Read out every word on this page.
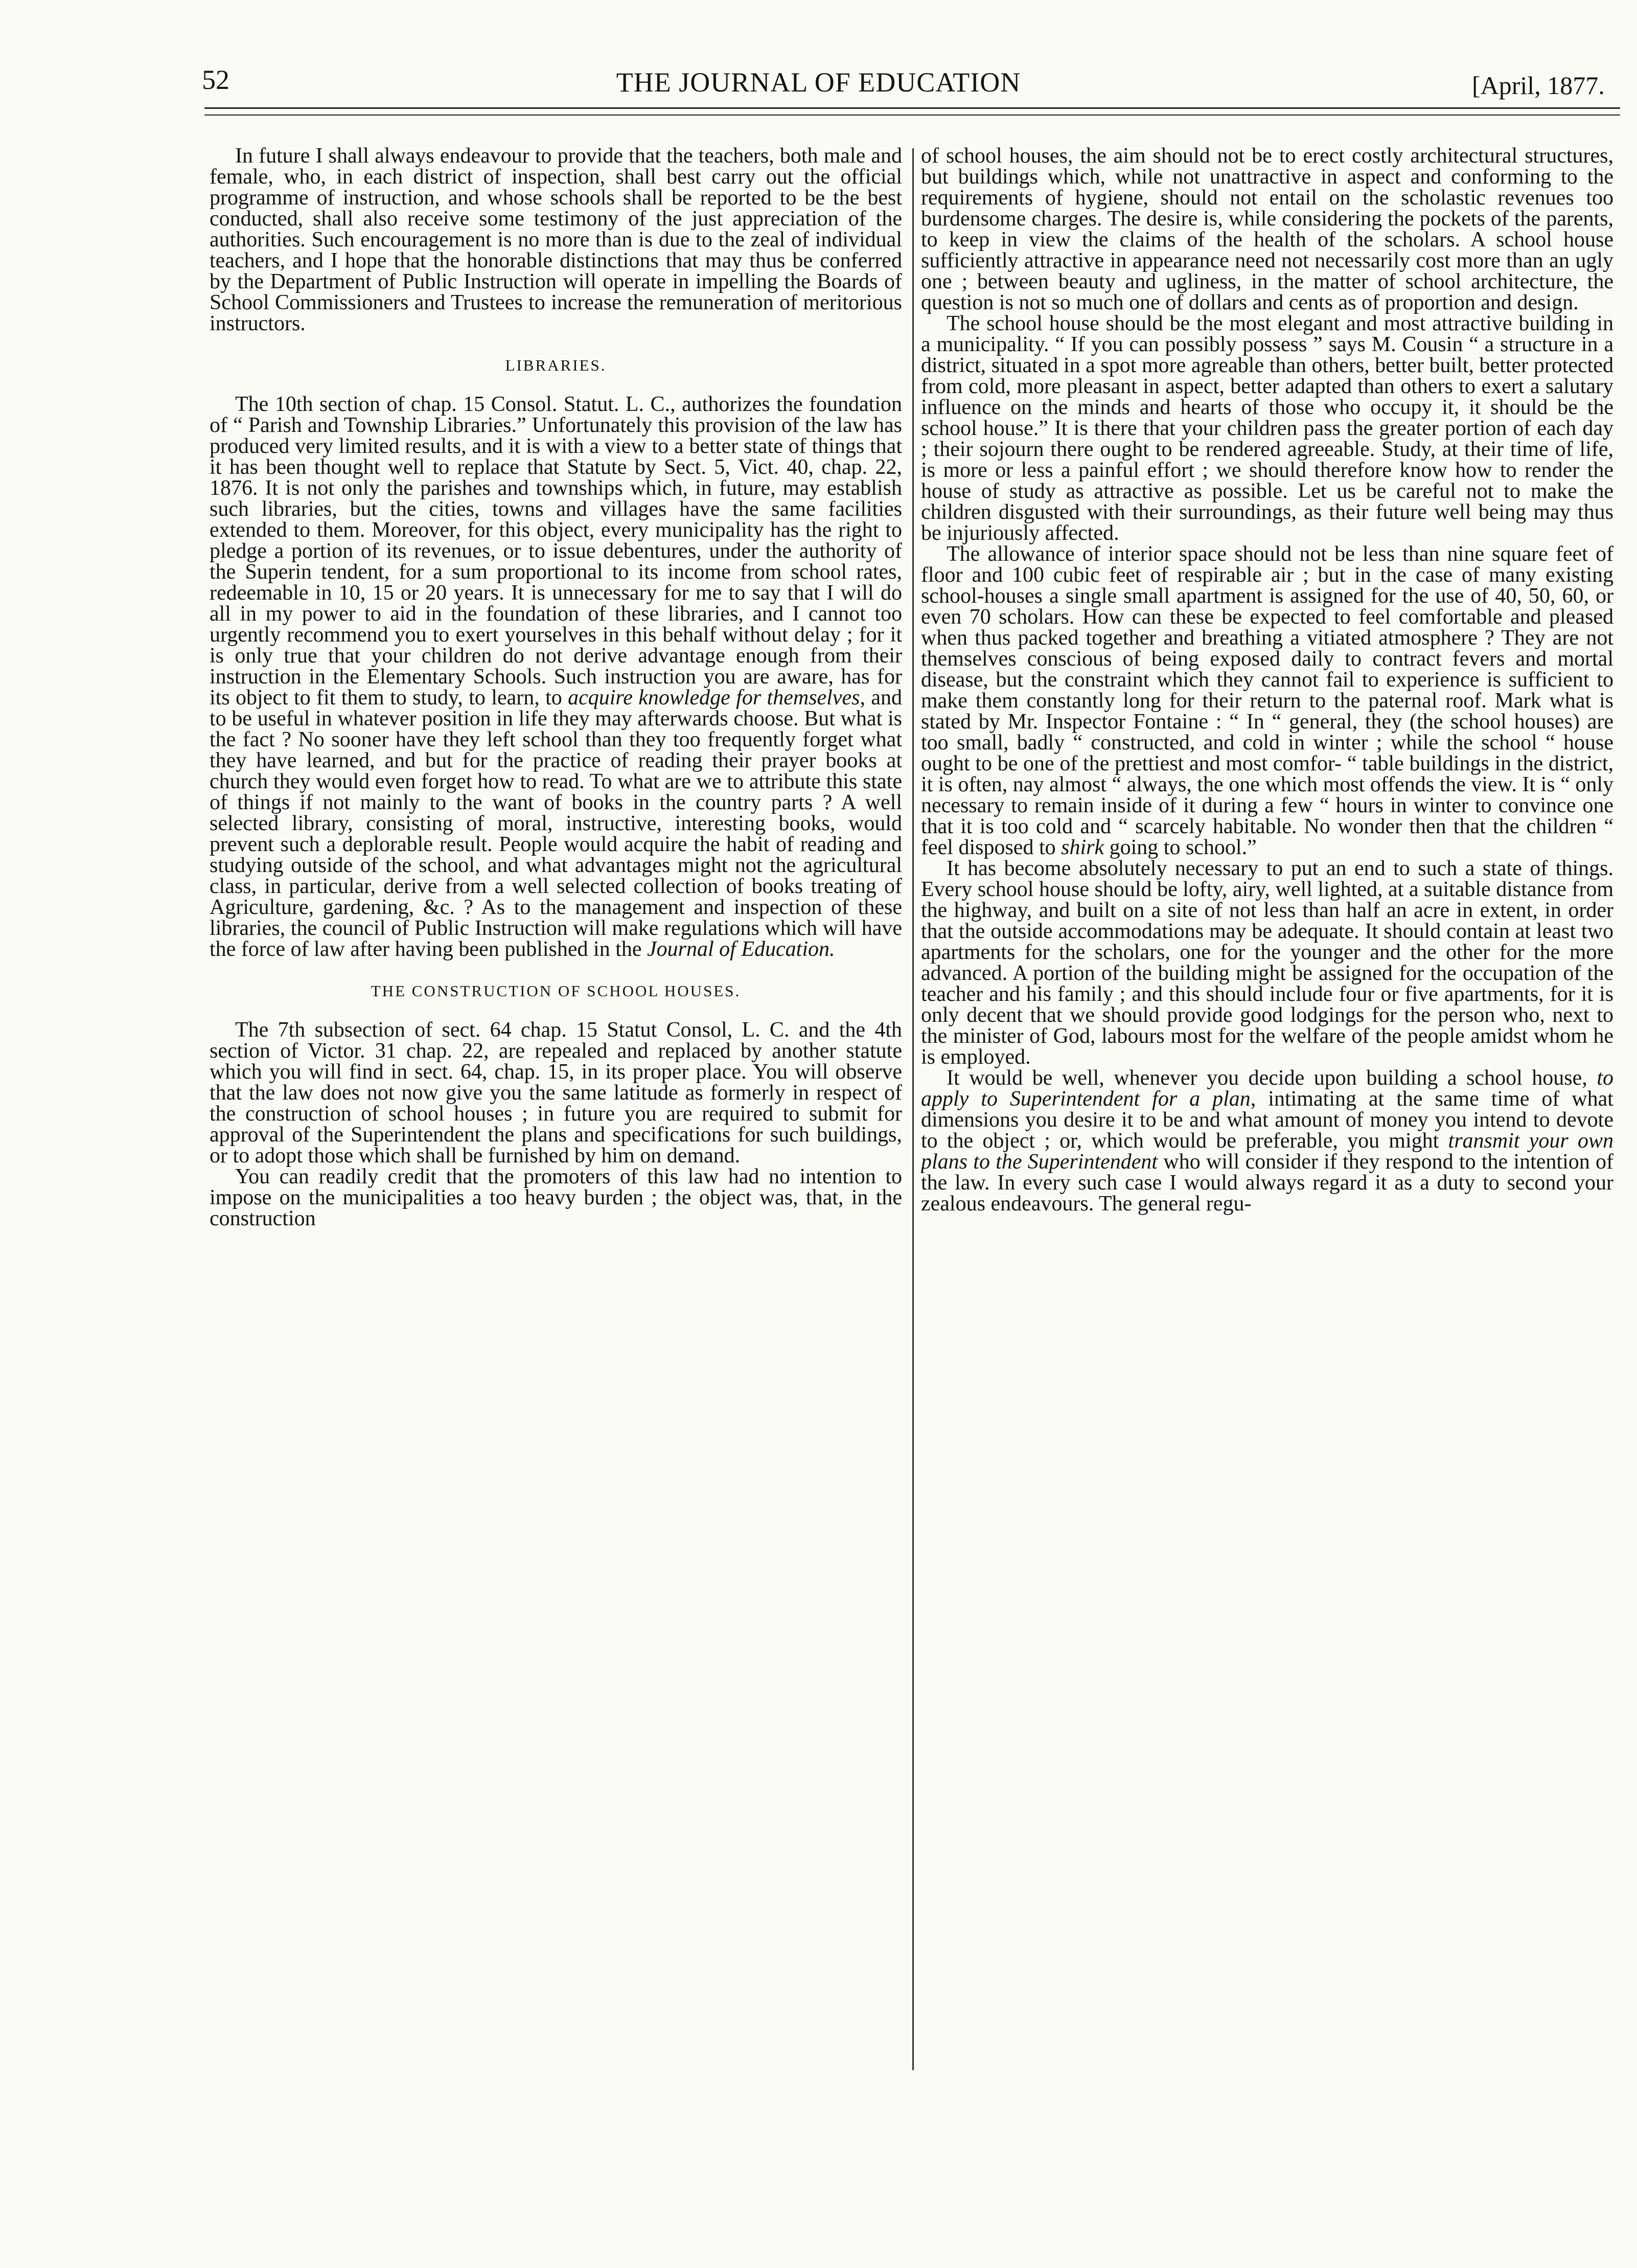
52	THE JOURNAL OF EDUCATION	[April, 1877.

In future I shall always endeavour to provide that the teachers, both male and female, who, in each district of inspection, shall best carry out the official programme of instruction, and whose schools shall be reported to be the best conducted, shall also receive some testimony of the just appreciation of the authorities. Such encouragement is no more than is due to the zeal of individual teachers, and I hope that the honorable distinctions that may thus be conferred by the Department of Public Instruction will operate in impelling the Boards of School Commissioners and Trustees to increase the remuneration of meritorious instructors.

LIBRARIES.

The 10th section of chap. 15 Consol. Statut. L. C., authorizes the foundation of “ Parish and Township Libraries.” Unfortunately this provision of the law has produced very limited results, and it is with a view to a better state of things that it has been thought well to replace that Statute by Sect. 5, Vict. 40, chap. 22, 1876. It is not only the parishes and townships which, in future, may establish such libraries, but the cities, towns and villages have the same facilities extended to them. Moreover, for this object, every municipality has the right to pledge a portion of its revenues, or to issue debentures, under the authority of the Superin tendent, for a sum proportional to its income from school rates, redeemable in 10, 15 or 20 years. It is unnecessary for me to say that I will do all in my power to aid in the foundation of these libraries, and I cannot too urgently recommend you to exert yourselves in this behalf without delay ; for it is only true that your children do not derive advantage enough from their instruction in the Elementary Schools. Such instruction you are aware, has for its object to fit them to study, to learn, to acquire knowledge for themselves, and to be useful in whatever position in life they may afterwards choose. But what is the fact ? No sooner have they left school than they too frequently forget what they have learned, and but for the practice of reading their prayer books at church they would even forget how to read. To what are we to attribute this state of things if not mainly to the want of books in the country parts ? A well selected library, consisting of moral, instructive, interesting books, would prevent such a deplorable result. People would acquire the habit of reading and studying outside of the school, and what advantages might not the agricultural class, in particular, derive from a well selected collection of books treating of Agriculture, gardening, &c. ? As to the management and inspection of these libraries, the council of Public Instruction will make regulations which will have the force of law after having been published in the Journal of Education.

THE CONSTRUCTION OF SCHOOL HOUSES.

The 7th subsection of sect. 64 chap. 15 Statut Consol, L. C. and the 4th section of Victor. 31 chap. 22, are repealed and replaced by another statute which you will find in sect. 64, chap. 15, in its proper place. You will observe that the law does not now give you the same latitude as formerly in respect of the construction of school houses ; in future you are required to submit for approval of the Superintendent the plans and specifications for such buildings, or to adopt those which shall be furnished by him on demand.

You can readily credit that the promoters of this law had no intention to impose on the municipalities a too heavy burden ; the object was, that, in the construction

of school houses, the aim should not be to erect costly architectural structures, but buildings which, while not unattractive in aspect and conforming to the requirements of hygiene, should not entail on the scholastic revenues too burdensome charges. The desire is, while considering the pockets of the parents, to keep in view the claims of the health of the scholars. A school house sufficiently attractive in appearance need not necessarily cost more than an ugly one ; between beauty and ugliness, in the matter of school architecture, the question is not so much one of dollars and cents as of proportion and design.

The school house should be the most elegant and most attractive building in a municipality. “ If you can possibly possess ” says M. Cousin “ a structure in a district, situated in a spot more agreable than others, better built, better protected from cold, more pleasant in aspect, better adapted than others to exert a salutary influence on the minds and hearts of those who occupy it, it should be the school house.” It is there that your children pass the greater portion of each day ; their sojourn there ought to be rendered agreeable. Study, at their time of life, is more or less a painful effort ; we should therefore know how to render the house of study as attractive as possible. Let us be careful not to make the children disgusted with their surroundings, as their future well being may thus be injuriously affected.

The allowance of interior space should not be less than nine square feet of floor and 100 cubic feet of respirable air ; but in the case of many existing school-houses a single small apartment is assigned for the use of 40, 50, 60, or even 70 scholars. How can these be expected to feel comfortable and pleased when thus packed together and breathing a vitiated atmosphere ? They are not themselves conscious of being exposed daily to contract fevers and mortal disease, but the constraint which they cannot fail to experience is sufficient to make them constantly long for their return to the paternal roof. Mark what is stated by Mr. Inspector Fontaine : “ In “ general, they (the school houses) are too small, badly “ constructed, and cold in winter ; while the school “ house ought to be one of the prettiest and most comfor- “ table buildings in the district, it is often, nay almost “ always, the one which most offends the view. It is “ only necessary to remain inside of it during a few “ hours in winter to convince one that it is too cold and “ scarcely habitable. No wonder then that the children “ feel disposed to shirk going to school.”

It has become absolutely necessary to put an end to such a state of things. Every school house should be lofty, airy, well lighted, at a suitable distance from the highway, and built on a site of not less than half an acre in extent, in order that the outside accommodations may be adequate. It should contain at least two apartments for the scholars, one for the younger and the other for the more advanced. A portion of the building might be assigned for the occupation of the teacher and his family ; and this should include four or five apartments, for it is only decent that we should provide good lodgings for the person who, next to the minister of God, labours most for the welfare of the people amidst whom he is employed.

It would be well, whenever you decide upon building a school house, to apply to Superintendent for a plan, intimating at the same time of what dimensions you desire it to be and what amount of money you intend to devote to the object ; or, which would be preferable, you might transmit your own plans to the Superintendent who will consider if they respond to the intention of the law. In every such case I would always regard it as a duty to second your zealous endeavours. The general regu-
